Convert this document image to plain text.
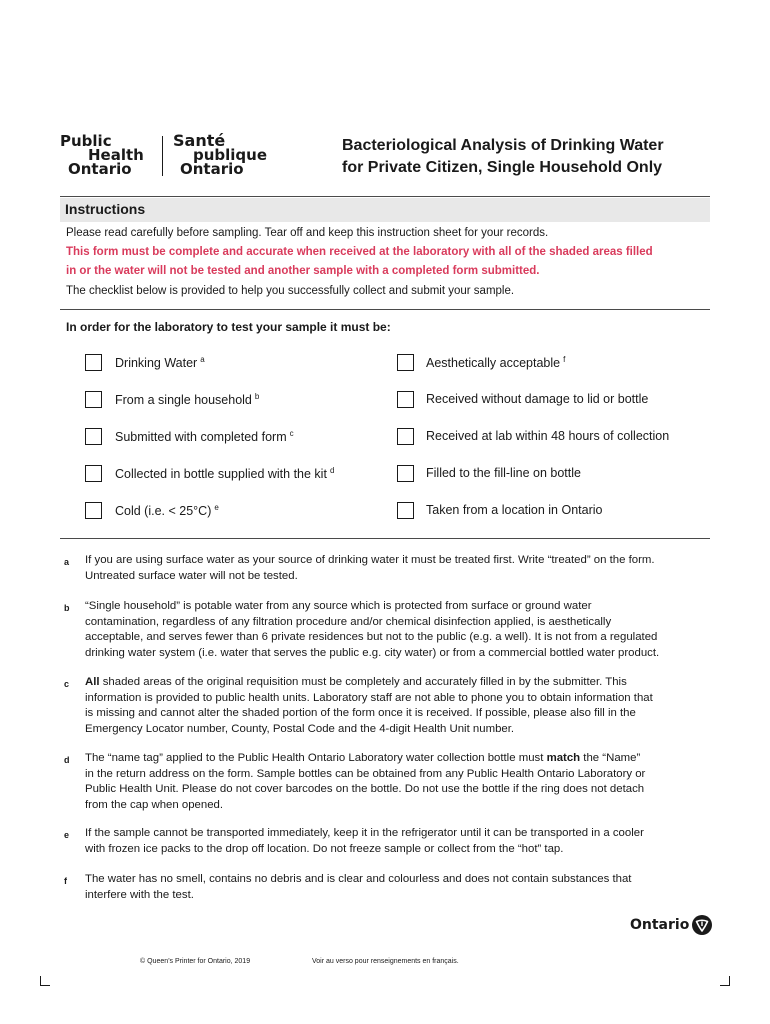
Public
Health
Ontario
Santé
publique
Ontario
Bacteriological Analysis of Drinking Water
for Private Citizen, Single Household Only
Instructions
Please read carefully before sampling. Tear off and keep this instruction sheet for your records.
This form must be complete and accurate when received at the laboratory with all of the shaded areas filled
in or the water will not be tested and another sample with a completed form submitted.
The checklist below is provided to help you successfully collect and submit your sample.
In order for the laboratory to test your sample it must be:
Drinking Water $^a$
From a single household $^b$
Submitted with completed form $^c$
Collected in bottle supplied with the kit $^d$
Cold (i.e. < 25°C) $^e$
Aesthetically acceptable $^f$
Received without damage to lid or bottle
Received at lab within 48 hours of collection
Filled to the fill-line on bottle
Taken from a location in Ontario
a If you are using surface water as your source of drinking water it must be treated first. Write “treated” on the form.
Untreated surface water will not be tested.
b “Single household” is potable water from any source which is protected from surface or ground water
contamination, regardless of any filtration procedure and/or chemical disinfection applied, is aesthetically
acceptable, and serves fewer than 6 private residences but not to the public (e.g. a well). It is not from a regulated
drinking water system (i.e. water that serves the public e.g. city water) or from a commercial bottled water product.
c All shaded areas of the original requisition must be completely and accurately filled in by the submitter. This
information is provided to public health units. Laboratory staff are not able to phone you to obtain information that
is missing and cannot alter the shaded portion of the form once it is received. If possible, please also fill in the
Emergency Locator number, County, Postal Code and the 4-digit Health Unit number.
d The “name tag” applied to the Public Health Ontario Laboratory water collection bottle must match the “Name”
in the return address on the form. Sample bottles can be obtained from any Public Health Ontario Laboratory or
Public Health Unit. Please do not cover barcodes on the bottle. Do not use the bottle if the ring does not detach
from the cap when opened.
e If the sample cannot be transported immediately, keep it in the refrigerator until it can be transported in a cooler
with frozen ice packs to the drop off location. Do not freeze sample or collect from the “hot” tap.
f The water has no smell, contains no debris and is clear and colourless and does not contain substances that
interfere with the test.
Ontario
© Queen’s Printer for Ontario, 2019	Voir au verso pour renseignements en français.
